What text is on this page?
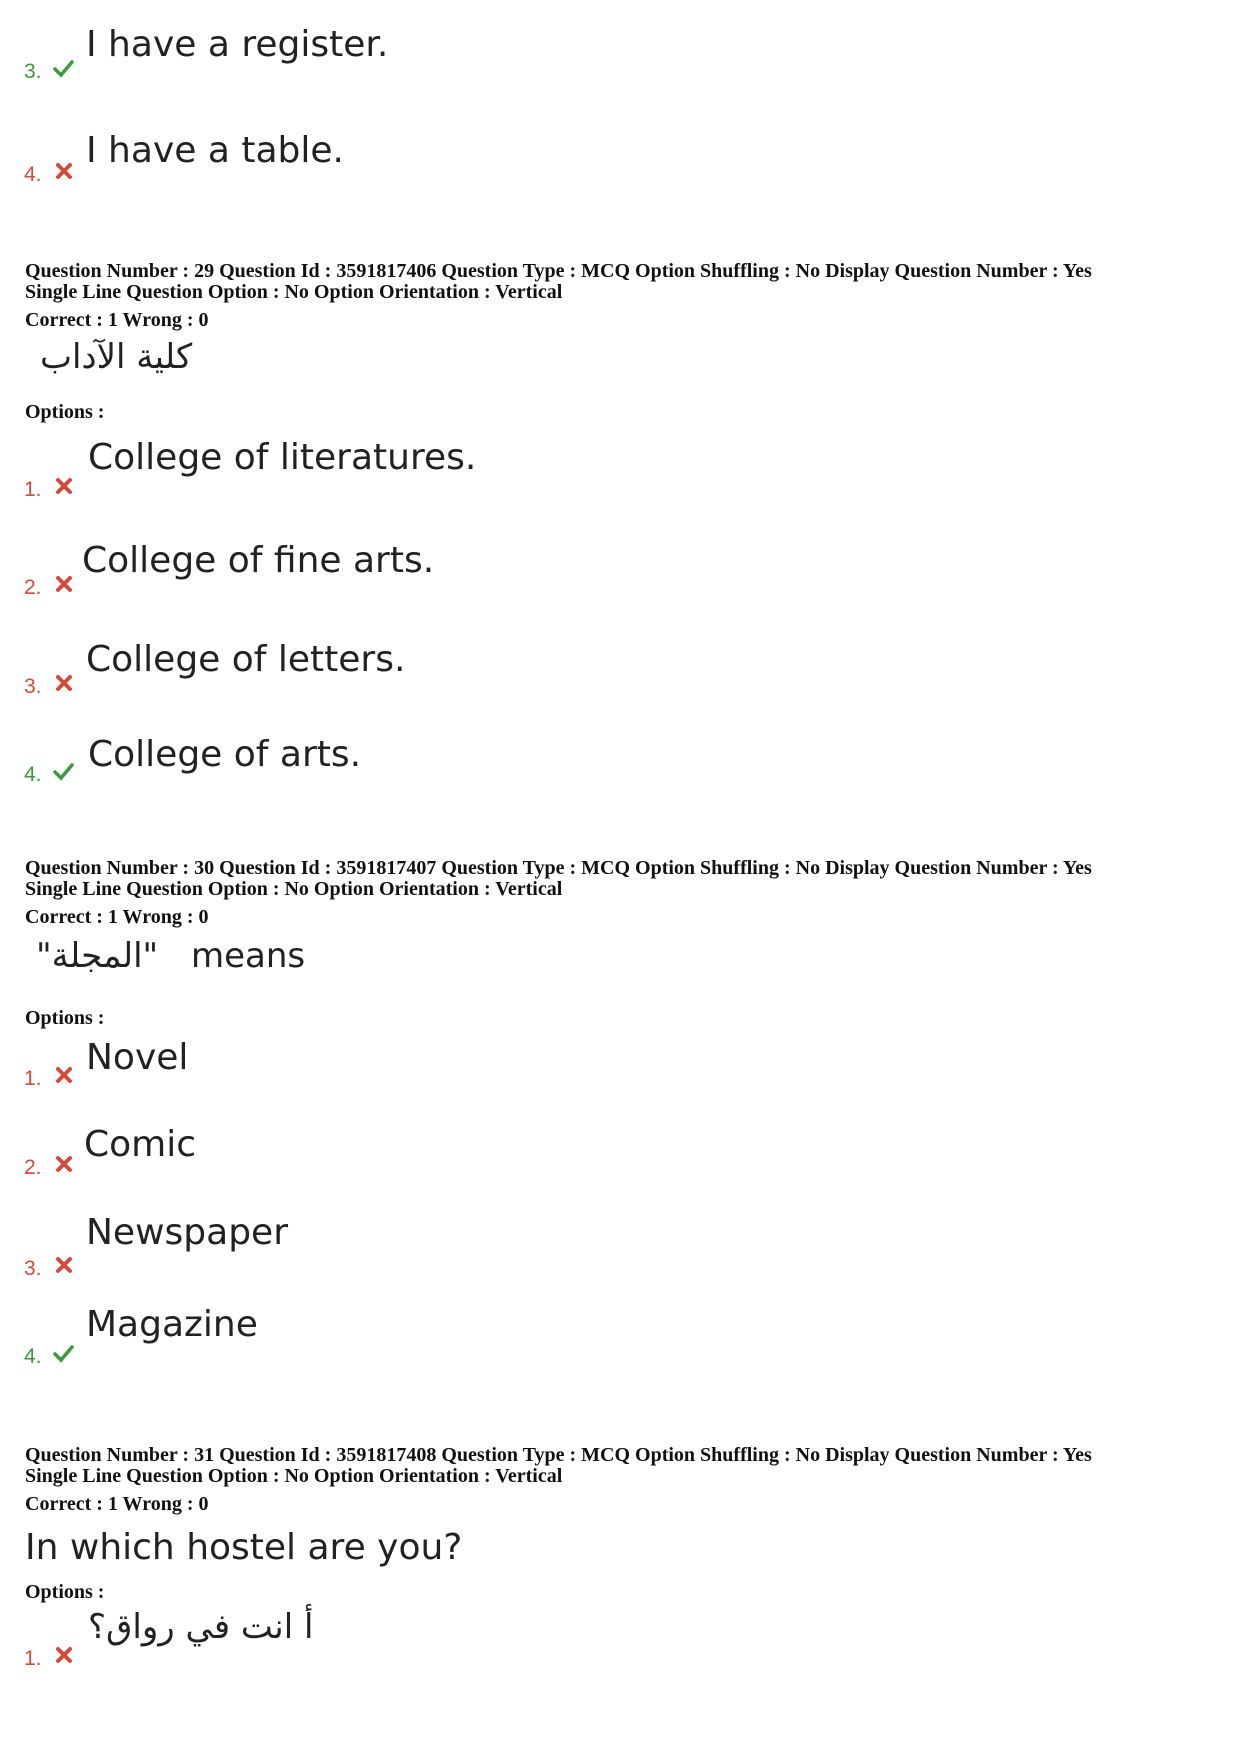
3.
I have a register.
4.
I have a table.
Question Number : 29 Question Id : 3591817406 Question Type : MCQ Option Shuffling : No Display Question Number : Yes
Single Line Question Option : No Option Orientation : Vertical
Correct : 1 Wrong : 0
كلية الآداب
Options :
1.
College of literatures.
2.
College of fine arts.
3.
College of letters.
4. College of arts.
Question Number : 30 Question Id : 3591817407 Question Type : MCQ Option Shuffling : No Display Question Number : Yes
Single Line Question Option : No Option Orientation : Vertical
Correct : 1 Wrong : 0
"المجلة" means
Options :
1.
Novel
2.
Comic
3.
Newspaper
4.
Magazine
Question Number : 31 Question Id : 3591817408 Question Type : MCQ Option Shuffling : No Display Question Number : Yes
Single Line Question Option : No Option Orientation : Vertical
Correct : 1 Wrong : 0
In which hostel are you?
Options :
1.
أ انت في رواق؟
